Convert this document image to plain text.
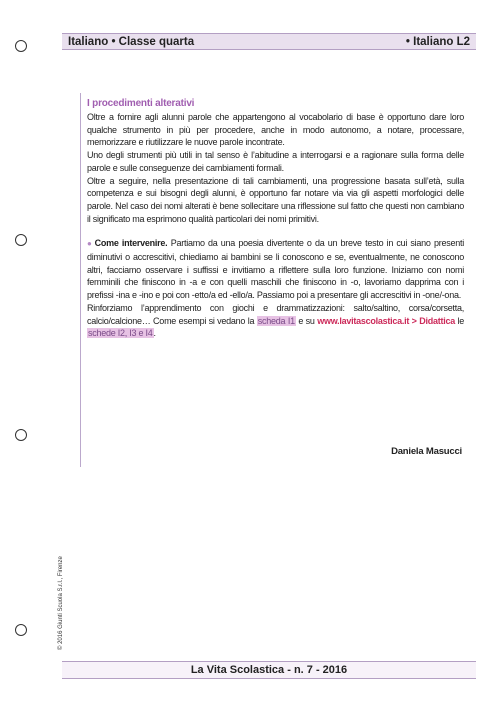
Italiano • Classe quarta	• Italiano L2
I procedimenti alterativi

Oltre a fornire agli alunni parole che appartengono al vocabolario di base è opportuno dare loro qualche strumento in più per procedere, anche in modo autonomo, a notare, processare, memorizzare e riutilizzare le nuove parole incontrate.

Uno degli strumenti più utili in tal senso è l’abitudine a interrogarsi e a ragionare sulla forma delle parole e sulle conseguenze dei cambiamenti formali.

Oltre a seguire, nella presentazione di tali cambiamenti, una progressione basata sull’età, sulla competenza e sui bisogni degli alunni, è opportuno far notare via via gli aspetti morfologici delle parole. Nel caso dei nomi alterati è bene sollecitare una riflessione sul fatto che questi non cambiano il significato ma esprimono qualità particolari dei nomi primitivi.

● Come intervenire. Partiamo da una poesia divertente o da un breve testo in cui siano presenti diminutivi o accrescitivi, chiediamo ai bambini se li conoscono e se, eventualmente, ne conoscono altri, facciamo osservare i suffissi e invitiamo a riflettere sulla loro funzione. Iniziamo con nomi femminili che finiscono in -a e con quelli maschili che finiscono in -o, lavoriamo dapprima con i prefissi -ina e -ino e poi con -etto/a ed -ello/a. Passiamo poi a presentare gli accrescitivi in -one/-ona.

Rinforziamo l’apprendimento con giochi e drammatizzazioni: salto/saltino, corsa/corsetta, calcio/calcione… Come esempi si vedano la scheda I1 e su www.lavitascolastica.it > Didattica le schede I2, I3 e I4.

Daniela Masucci
© 2016 Giunti Scuola S.r.l., Firenze
La Vita Scolastica - n. 7 - 2016
